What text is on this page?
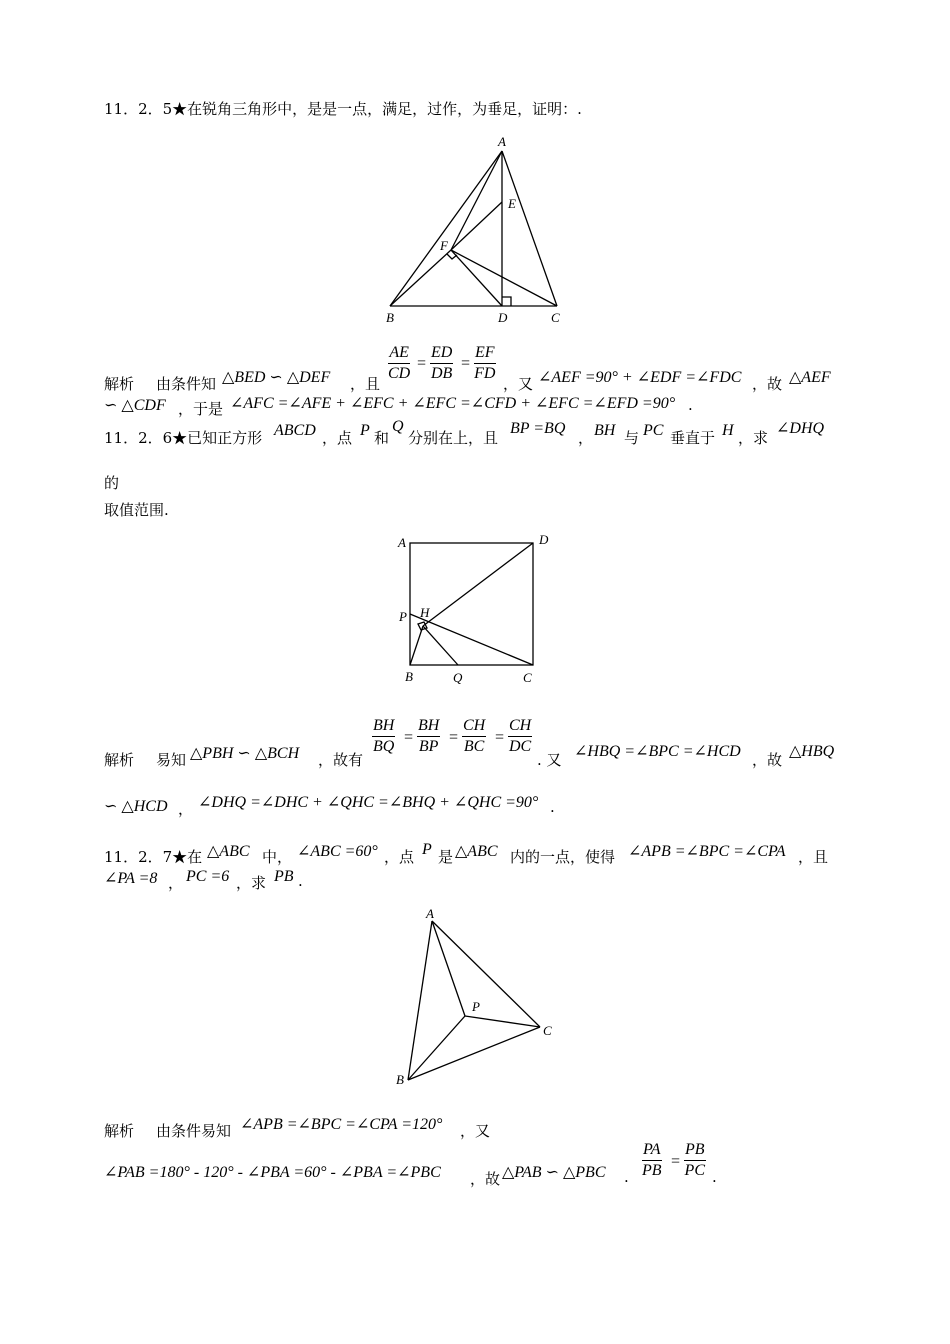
11．2．5★在锐角三角形中，是是一点，满足，过作，为垂足，证明：.
A
E
F
B	D	C
解析 由条件知 △BED ∽ △DEF ，且 $\frac{AE}{CD} = \frac{ED}{DB} = \frac{EF}{FD}$ ，又 ∠AEF =90° + ∠EDF =∠FDC ，故 △AEF
∽ △CDF ，于是 ∠AFC =∠AFE + ∠EFC + ∠EFC =∠CFD + ∠EFC =∠EFD =90° .
11．2．6★已知正方形 ABCD ，点 P 和
Q
分别在上，且
BP =BQ
， BH 与 PC 垂直于 H ，求
∠DHQ
的
取值范围.
A	D
P H
B	Q	C
解析 易知 △PBH ∽ △BCH ，故有
$\frac{BH}{BQ} = \frac{BH}{BP} = \frac{CH}{BC} = \frac{CH}{DC}$
. 又 ∠HBQ =∠BPC =∠HCD ，故 △HBQ
∽ △HCD ， ∠DHQ =∠DHC + ∠QHC =∠BHQ + ∠QHC =90° .
11．2．7★在 △ABC 中， ∠ABC =60° ，点 P 是 △ABC 内的一点，使得 ∠APB =∠BPC =∠CPA ，且
∠PA =8 ， PC =6 ，求 PB .
A
P
C
B
解析 由条件易知 ∠APB =∠BPC =∠CPA =120° ，又
∠PAB =180° - 120° - ∠PBA =60° - ∠PBA =∠PBC ，故 △PAB ∽ △PBC . $\frac{PA}{PB} = \frac{PB}{PC}$ .
